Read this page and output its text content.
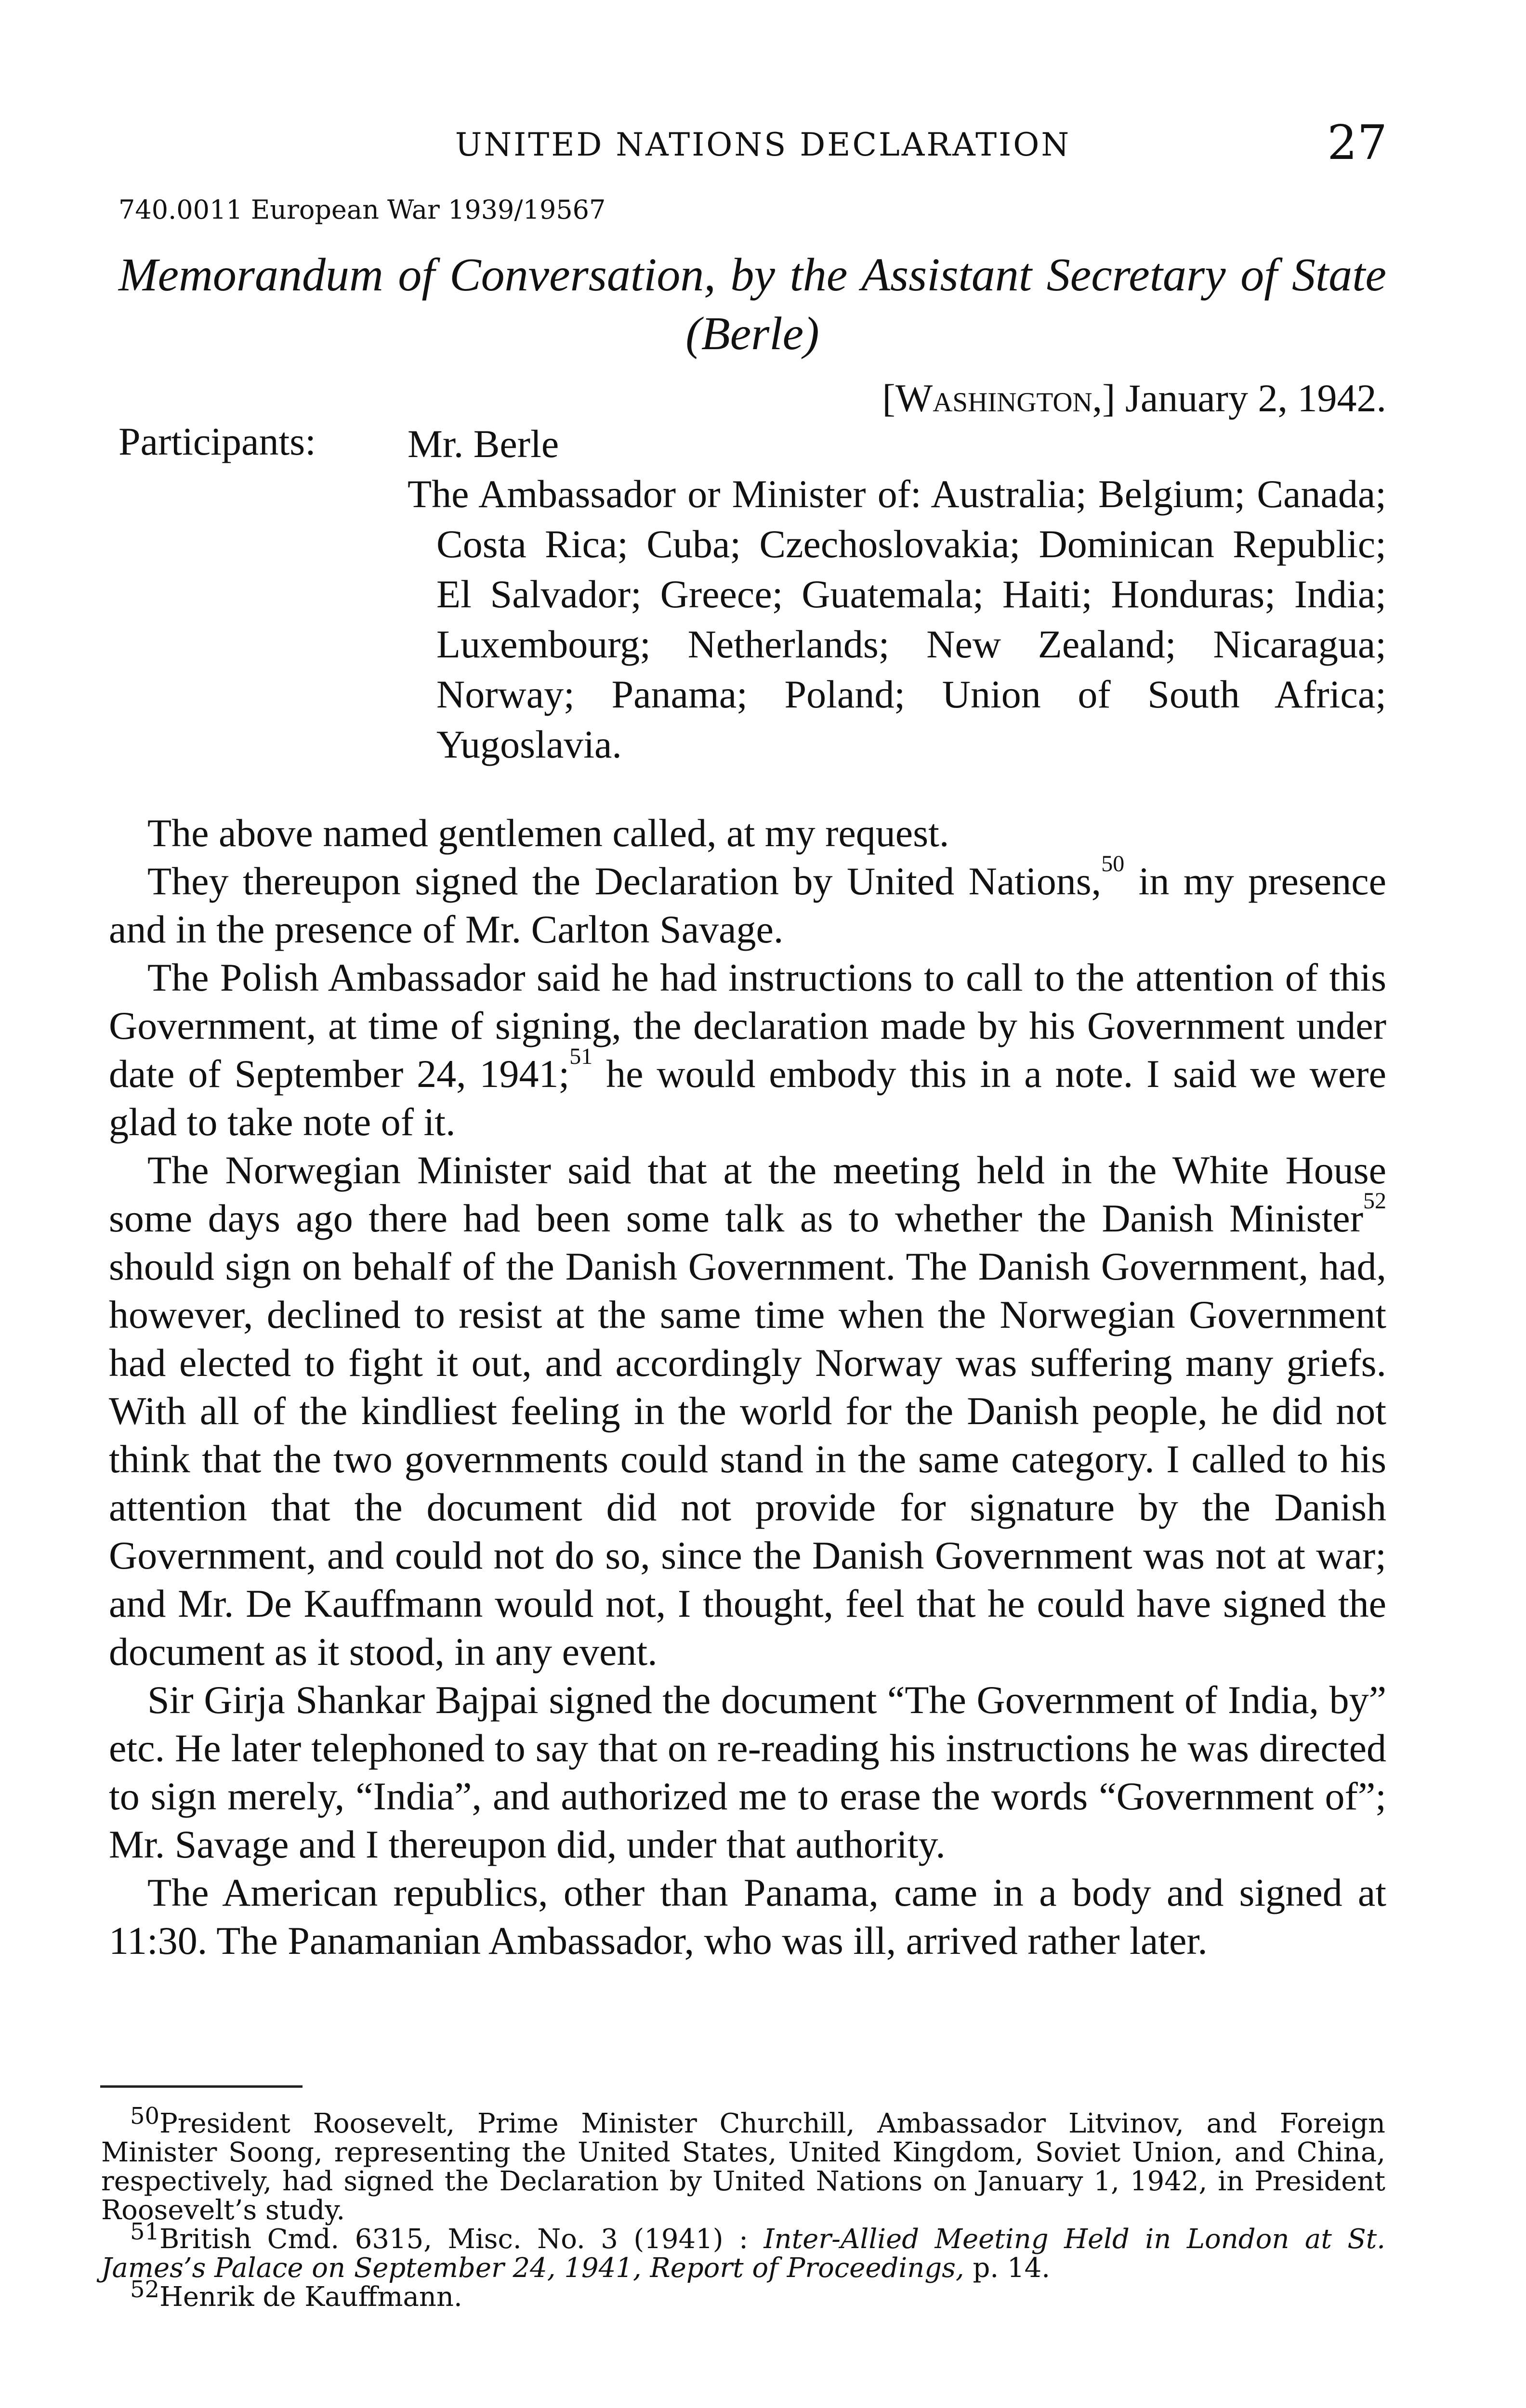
UNITED NATIONS DECLARATION	27
740.0011 European War 1939/19567
Memorandum of Conversation, by the Assistant Secretary of State
(Berle)
[Washington,] January 2, 1942.
Participants: Mr. Berle
The Ambassador or Minister of: Australia; Belgium; Canada; Costa Rica; Cuba; Czechoslovakia; Dominican Republic; El Salvador; Greece; Guatemala; Haiti; Honduras; India; Luxembourg; Netherlands; New Zealand; Nicaragua; Norway; Panama; Poland; Union of South Africa; Yugoslavia.

The above named gentlemen called, at my request.

They thereupon signed the Declaration by United Nations,$^{50}$ in my presence and in the presence of Mr. Carlton Savage.

The Polish Ambassador said he had instructions to call to the attention of this Government, at time of signing, the declaration made by his Government under date of September 24, 1941;$^{51}$ he would embody this in a note. I said we were glad to take note of it.

The Norwegian Minister said that at the meeting held in the White House some days ago there had been some talk as to whether the Danish Minister$^{52}$ should sign on behalf of the Danish Government. The Danish Government, had, however, declined to resist at the same time when the Norwegian Government had elected to fight it out, and accordingly Norway was suffering many griefs. With all of the kindliest feeling in the world for the Danish people, he did not think that the two governments could stand in the same category. I called to his attention that the document did not provide for signature by the Danish Government, and could not do so, since the Danish Government was not at war; and Mr. De Kauffmann would not, I thought, feel that he could have signed the document as it stood, in any event.

Sir Girja Shankar Bajpai signed the document “The Government of India, by” etc. He later telephoned to say that on re-reading his instructions he was directed to sign merely, “India”, and authorized me to erase the words “Government of”; Mr. Savage and I thereupon did, under that authority.

The American republics, other than Panama, came in a body and signed at 11:30. The Panamanian Ambassador, who was ill, arrived rather later.

$^{50}$President Roosevelt, Prime Minister Churchill, Ambassador Litvinov, and Foreign Minister Soong, representing the United States, United Kingdom, Soviet Union, and China, respectively, had signed the Declaration by United Nations on January 1, 1942, in President Roosevelt’s study.

$^{51}$British Cmd. 6315, Misc. No. 3 (1941) : Inter-Allied Meeting Held in London at St. James’s Palace on September 24, 1941, Report of Proceedings, p. 14.

$^{52}$Henrik de Kauffmann.
